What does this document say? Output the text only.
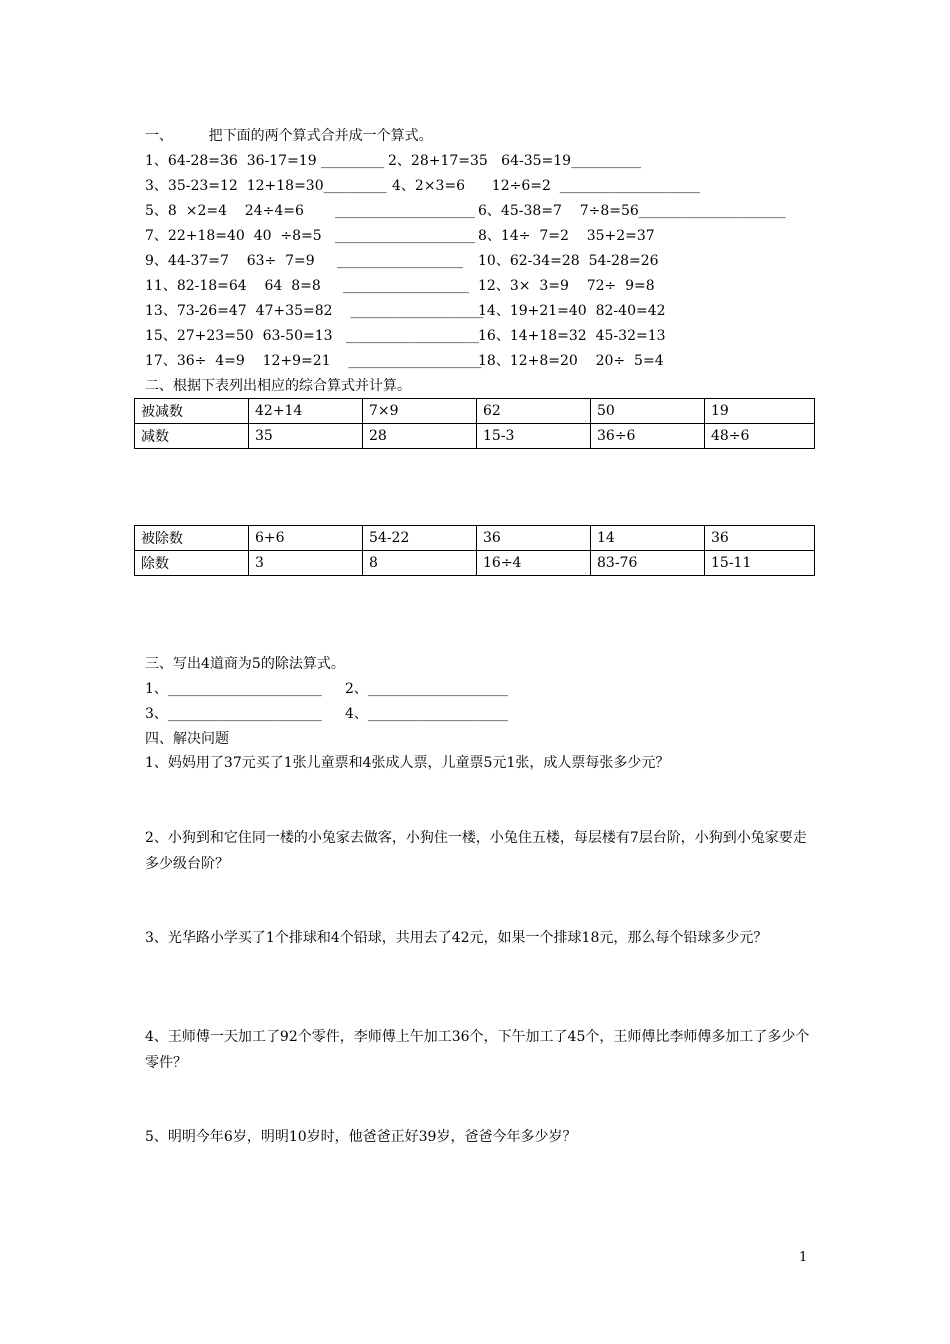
一、        把下面的两个算式合并成一个算式。
1、64-28=36  36-17=19 _________ 2、28+17=35   64-35=19__________
3、35-23=12  12+18=30_________ 4、2×3=6      12÷6=2  ____________________
5、8  ×2=4    24÷4=6       ____________________ 6、45-38=7    7÷8=56_____________________
7、22+18=40  40  ÷8=5   ____________________ 8、14÷  7=2    35+2=37
9、44-37=7    63÷  7=9     __________________ 10、62-34=28  54-28=26
11、82-18=64    64  8=8     __________________ 12、3×  3=9    72÷  9=8
13、73-26=47  47+35=82    ___________________
14、19+21=40  82-40=42
15、27+23=50  63-50=13   ___________________ 16、14+18=32  45-32=13
17、36÷  4=9    12+9=21    ___________________
18、12+8=20    20÷  5=4
二、根据下表列出相应的综合算式并计算。
被减数	42+14	7×9	62	50	19
减数	35	28	15-3	36÷6	48÷6
被除数	6+6	54-22	36	14	36
除数	3	8	16÷4	83-76	15-11
三、写出4道商为5的除法算式。
1、______________________ 2、____________________
3、______________________ 4、____________________
四、解决问题
1、妈妈用了37元买了1张儿童票和4张成人票，儿童票5元1张，成人票每张多少元？
2、小狗到和它住同一楼的小兔家去做客，小狗住一楼，小兔住五楼，每层楼有7层台阶，小狗到小兔家要走多少级台阶？
3、光华路小学买了1个排球和4个铅球，共用去了42元，如果一个排球18元，那么每个铅球多少元？
4、王师傅一天加工了92个零件，李师傅上午加工36个，下午加工了45个，王师傅比李师傅多加工了多少个零件？
5、明明今年6岁，明明10岁时，他爸爸正好39岁，爸爸今年多少岁？
1
